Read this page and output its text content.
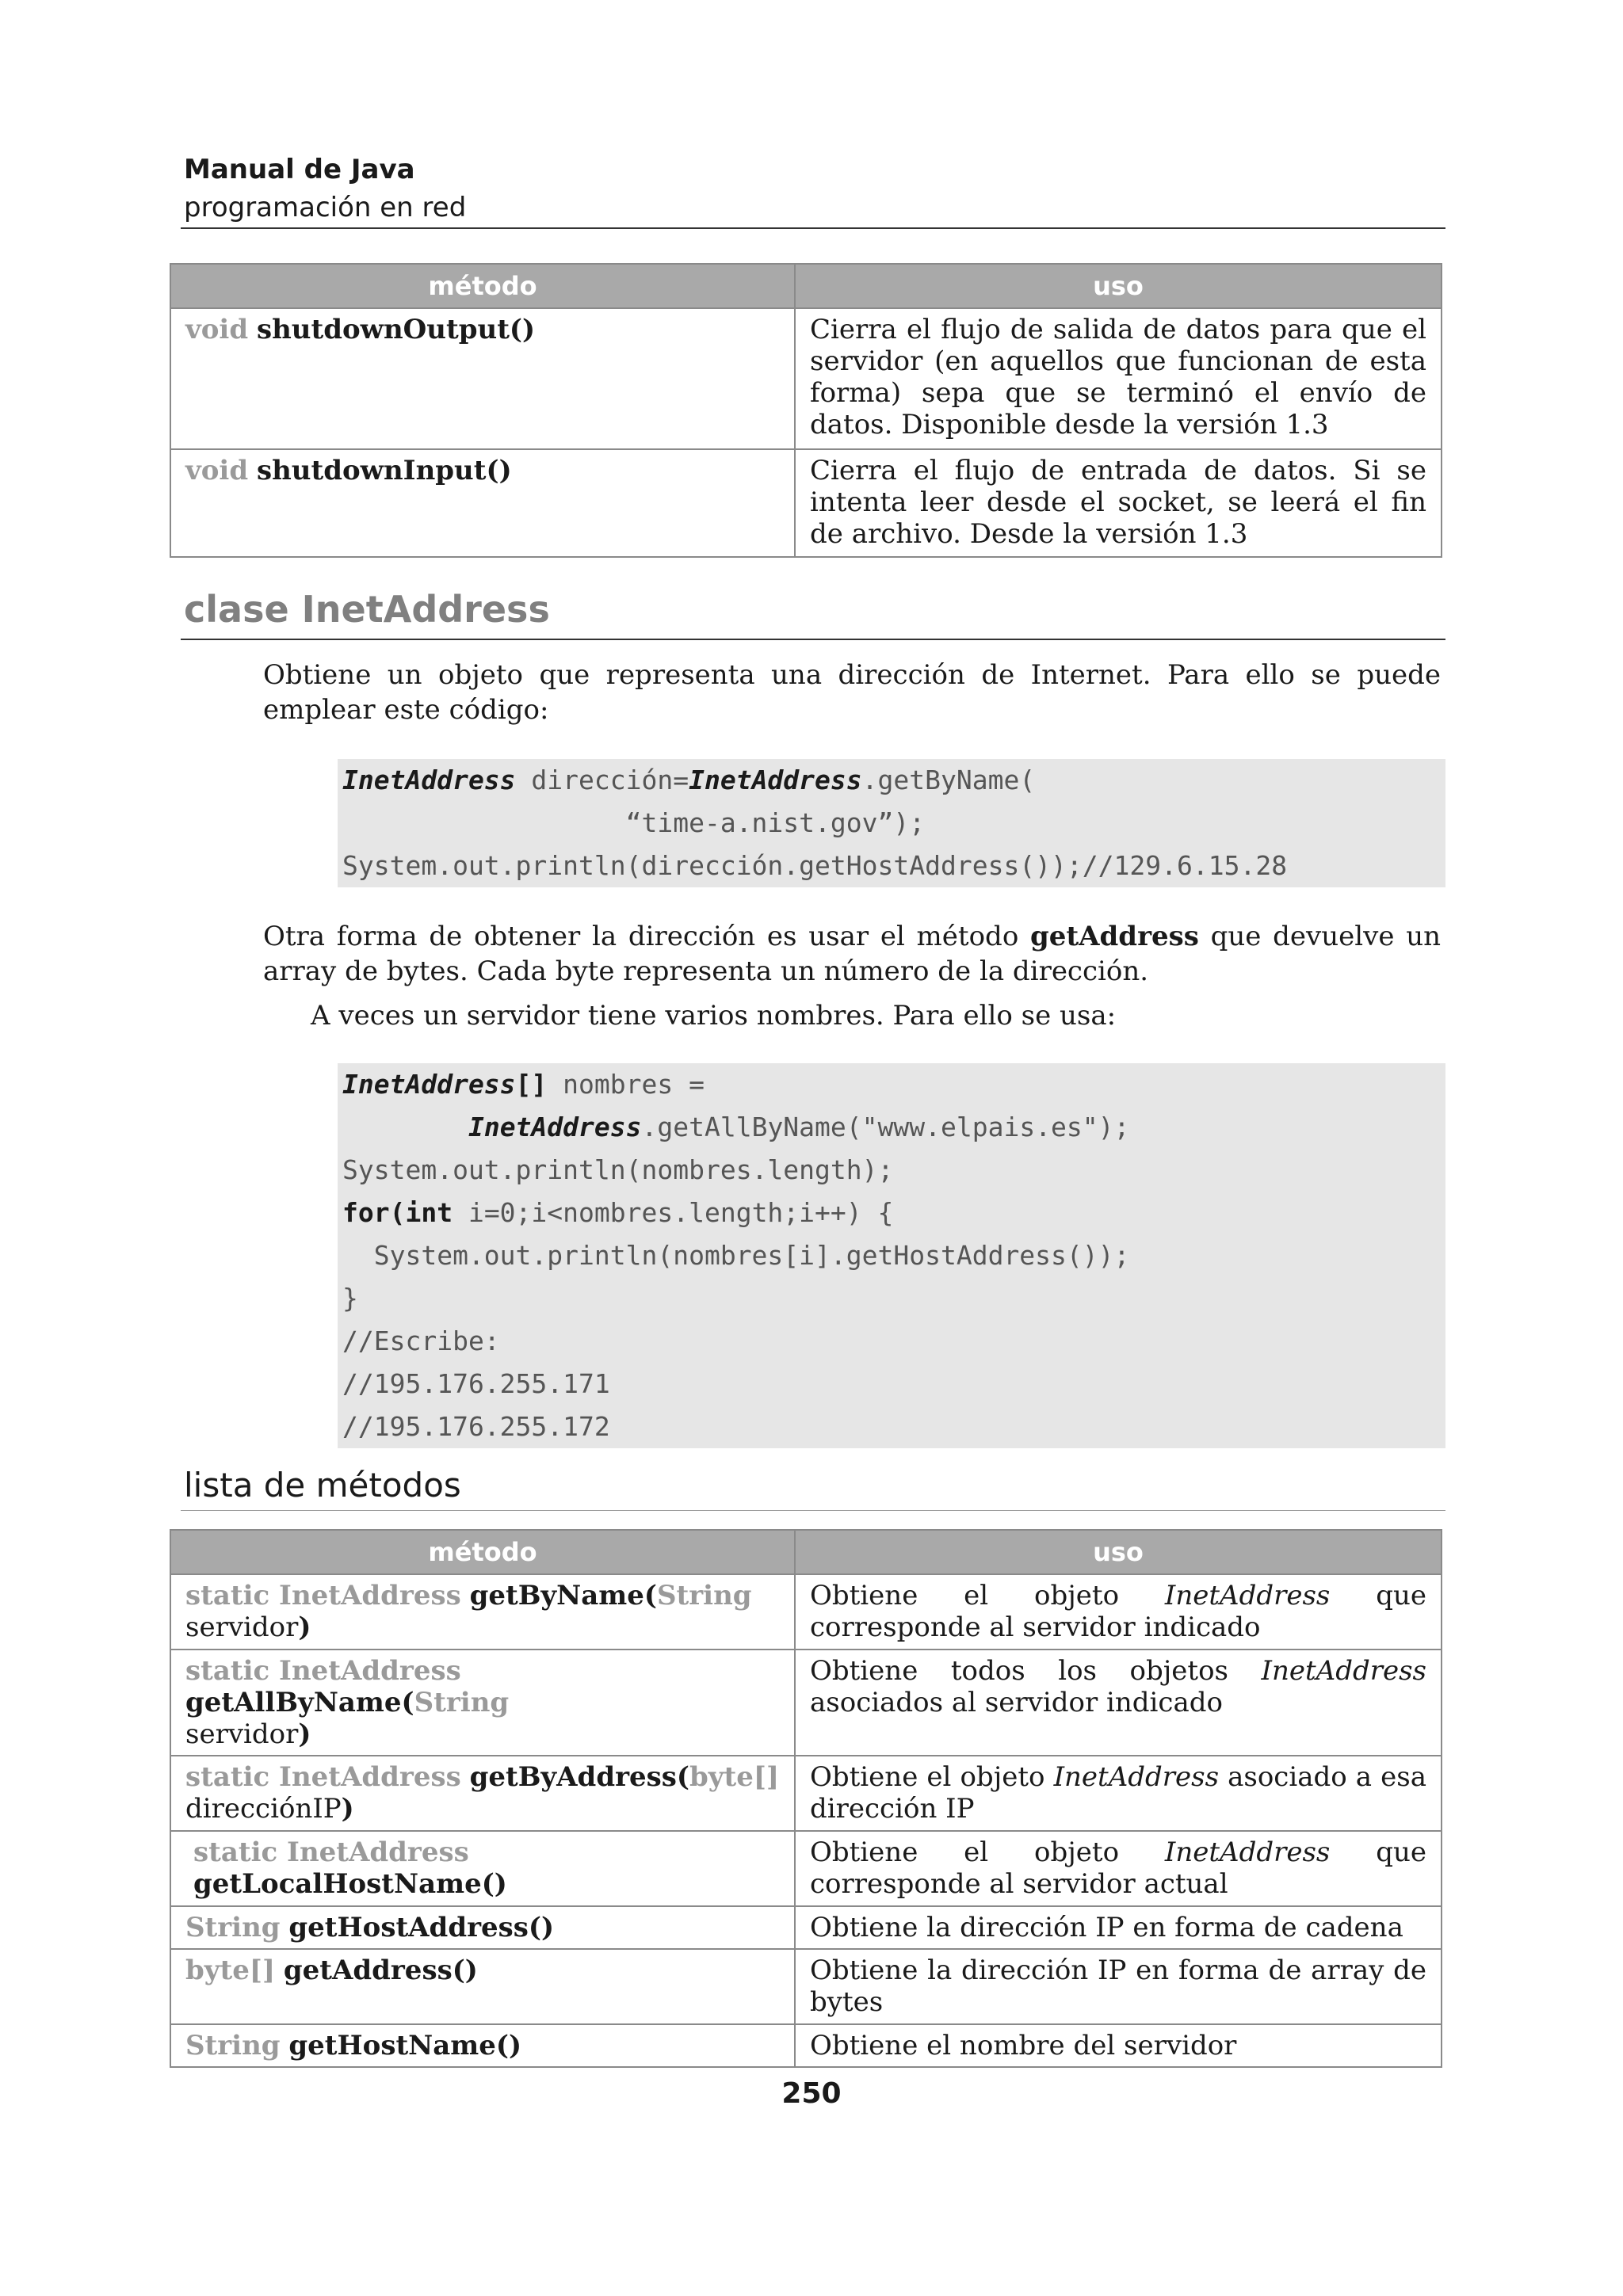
Manual de Java
programación en red
método	uso
void shutdownOutput()	Cierra el flujo de salida de datos para que el servidor (en aquellos que funcionan de esta forma) sepa que se terminó el envío de datos. Disponible desde la versión 1.3
void shutdownInput()	Cierra el flujo de entrada de datos. Si se intenta leer desde el socket, se leerá el fin de archivo. Desde la versión 1.3
clase InetAddress
Obtiene un objeto que representa una dirección de Internet. Para ello se puede emplear este código:
InetAddress dirección=InetAddress.getByName(
“time-a.nist.gov”);
System.out.println(dirección.getHostAddress());//129.6.15.28
Otra forma de obtener la dirección es usar el método getAddress que devuelve un array de bytes. Cada byte representa un número de la dirección.
A veces un servidor tiene varios nombres. Para ello se usa:
InetAddress[] nombres =
InetAddress.getAllByName("www.elpais.es");
System.out.println(nombres.length);
for(int i=0;i<nombres.length;i++) {
System.out.println(nombres[i].getHostAddress());
}
//Escribe:
//195.176.255.171
//195.176.255.172
lista de métodos
método	uso
static InetAddress getByName(String
servidor)	Obtiene el objeto InetAddress que corresponde al servidor indicado
static InetAddress getAllByName(String
servidor)	Obtiene todos los objetos InetAddress asociados al servidor indicado
static InetAddress getByAddress(byte[]
direcciónIP)	Obtiene el objeto InetAddress asociado a esa dirección IP
static InetAddress getLocalHostName()	Obtiene el objeto InetAddress que corresponde al servidor actual
String getHostAddress()	Obtiene la dirección IP en forma de cadena
byte[] getAddress()	Obtiene la dirección IP en forma de array de bytes
String getHostName()	Obtiene el nombre del servidor
250
